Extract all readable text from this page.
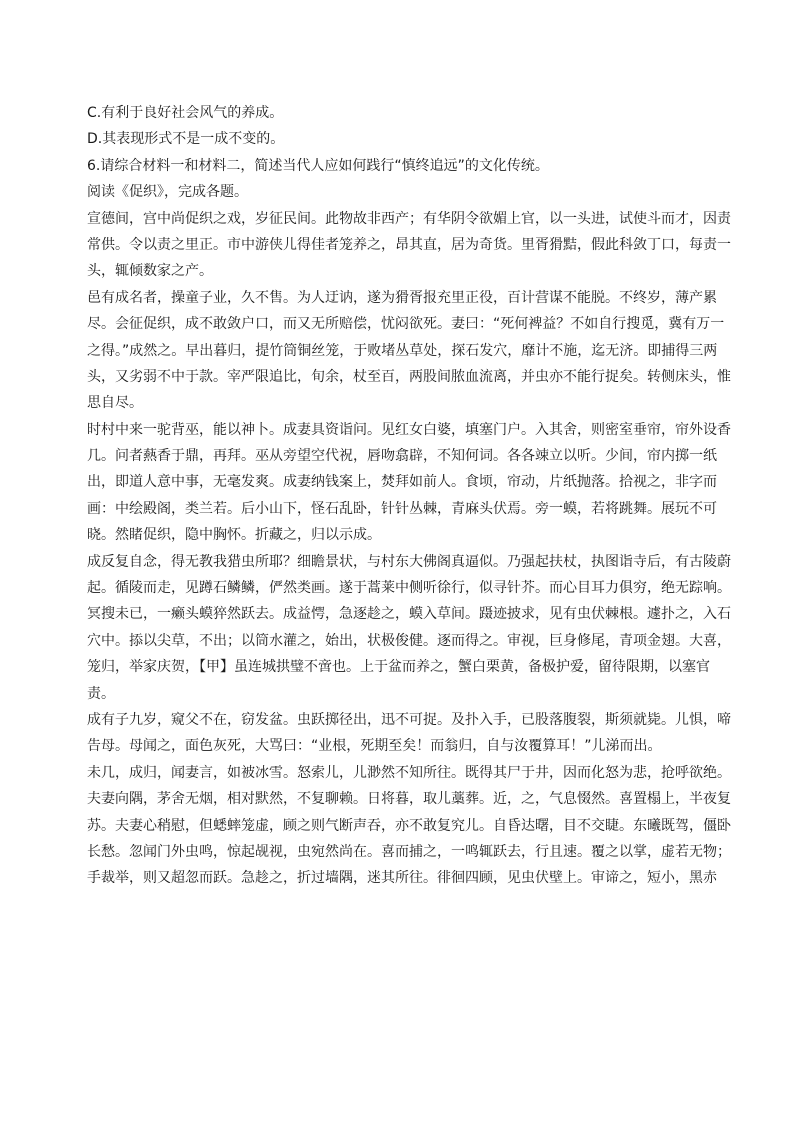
C.有利于良好社会风气的养成。
D.其表现形式不是一成不变的。
6.请综合材料一和材料二，简述当代人应如何践行“慎终追远”的文化传统。
阅读《促织》，完成各题。
宣德间，宫中尚促织之戏，岁征民间。此物故非西产；有华阴令欲媚上官，以一头进，试使斗而才，因责
常供。令以责之里正。市中游侠儿得佳者笼养之，昂其直，居为奇货。里胥猾黠，假此科敛丁口，每责一
头，辄倾数家之产。
邑有成名者，操童子业，久不售。为人迂讷，遂为猾胥报充里正役，百计营谋不能脱。不终岁，薄产累
尽。会征促织，成不敢敛户口，而又无所赔偿，忧闷欲死。妻曰：“死何裨益？不如自行搜觅，冀有万一
之得。”成然之。早出暮归，提竹筒铜丝笼，于败堵丛草处，探石发穴，靡计不施，迄无济。即捕得三两
头，又劣弱不中于款。宰严限追比，旬余，杖至百，两股间脓血流离，并虫亦不能行捉矣。转侧床头，惟
思自尽。
时村中来一驼背巫，能以神卜。成妻具资诣问。见红女白婆，填塞门户。入其舍，则密室垂帘，帘外设香
几。问者爇香于鼎，再拜。巫从旁望空代祝，唇吻翕辟，不知何词。各各竦立以听。少间，帘内掷一纸
出，即道人意中事，无毫发爽。成妻纳钱案上，焚拜如前人。食顷，帘动，片纸抛落。拾视之，非字而
画：中绘殿阁，类兰若。后小山下，怪石乱卧，针针丛棘，青麻头伏焉。旁一蟆，若将跳舞。展玩不可
晓。然睹促织，隐中胸怀。折藏之，归以示成。
成反复自念，得无教我猎虫所耶？细瞻景状，与村东大佛阁真逼似。乃强起扶杖，执图诣寺后，有古陵蔚
起。循陵而走，见蹲石鳞鳞，俨然类画。遂于蒿莱中侧听徐行，似寻针芥。而心目耳力俱穷，绝无踪响。
冥搜未已，一癞头蟆猝然跃去。成益愕，急逐趁之，蟆入草间。蹑迹披求，见有虫伏棘根。遽扑之，入石
穴中。掭以尖草，不出；以筒水灌之，始出，状极俊健。逐而得之。审视，巨身修尾，青项金翅。大喜，
笼归，举家庆贺，【甲】虽连城拱璧不啻也。上于盆而养之，蟹白栗黄，备极护爱，留待限期，以塞官
责。
成有子九岁，窥父不在，窃发盆。虫跃掷径出，迅不可捉。及扑入手，已股落腹裂，斯须就毙。儿惧，啼
告母。母闻之，面色灰死，大骂曰：“业根，死期至矣！而翁归，自与汝覆算耳！”儿涕而出。
未几，成归，闻妻言，如被冰雪。怒索儿，儿渺然不知所往。既得其尸于井，因而化怒为悲，抢呼欲绝。
夫妻向隅，茅舍无烟，相对默然，不复聊赖。日将暮，取儿藁葬。近，之，气息惙然。喜置榻上，半夜复
苏。夫妻心稍慰，但蟋蟀笼虚，顾之则气断声吞，亦不敢复究儿。自昏达曙，目不交睫。东曦既驾，僵卧
长愁。忽闻门外虫鸣，惊起觇视，虫宛然尚在。喜而捕之，一鸣辄跃去，行且速。覆之以掌，虚若无物；
手裁举，则又超忽而跃。急趁之，折过墙隅，迷其所往。徘徊四顾，见虫伏壁上。审谛之，短小，黑赤
